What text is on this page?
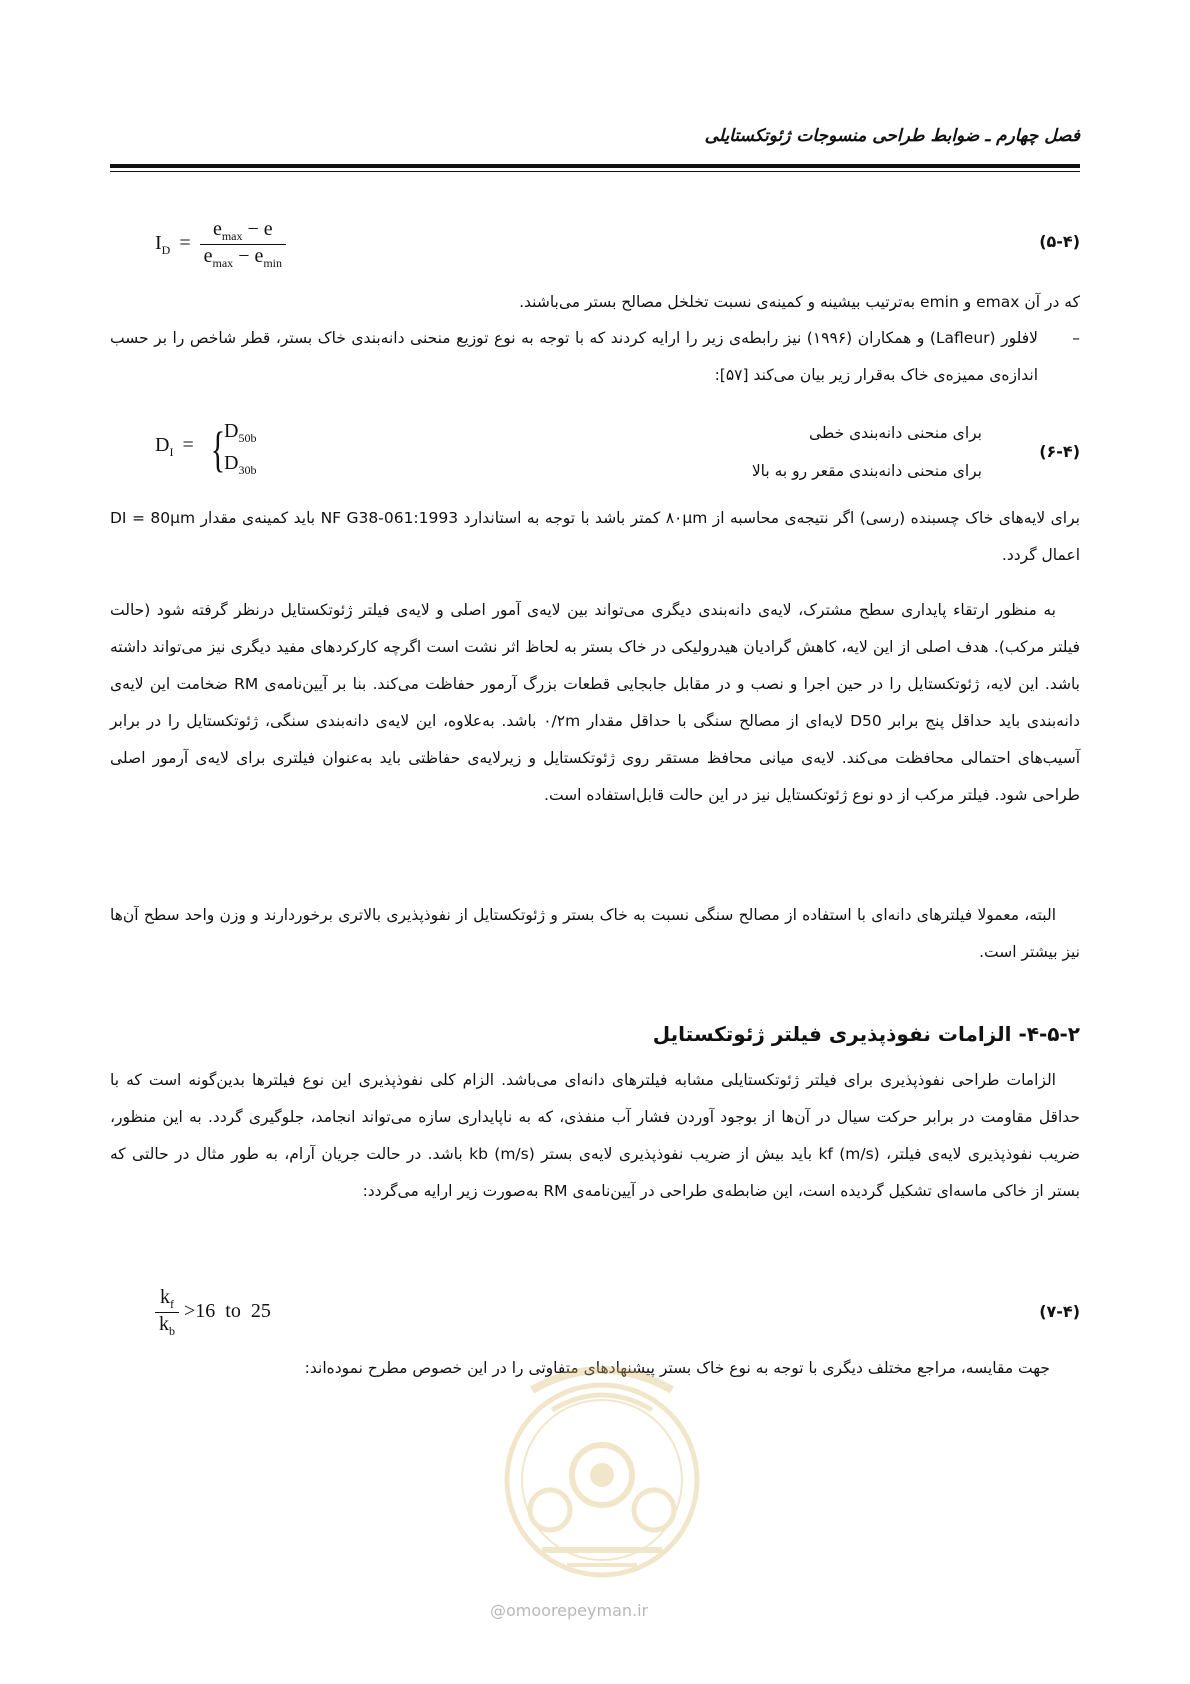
فصل چهارم ـ ضوابط طراحی منسوجات ژئوتکستایلی
$I_D = \frac{e_{max} - e}{e_{max} - e_{min}}$	(۵-۴)
که در آن emax و emin به‌ترتیب بیشینه و کمینه‌ی نسبت تخلخل مصالح بستر می‌باشند.
–
لافلور (Lafleur) و همکاران (۱۹۹۶) نیز رابطه‌ی زیر را ارایه کردند که با توجه به نوع توزیع منحنی دانه‌بندی خاک بستر، قطر شاخص را بر حسب اندازه‌ی ممیزه‌ی خاک به‌قرار زیر بیان می‌کند [۵۷]:
$D_I$ = {
$D_{50b}$
$D_{30b}$
برای منحنی دانه‌بندی خطی
برای منحنی دانه‌بندی مقعر رو به بالا
(۶-۴)
برای لایه‌های خاک چسبنده (رسی) اگر نتیجه‌ی محاسبه از ۸۰µm کمتر باشد با توجه به استاندارد NF G38-061:1993 باید کمینه‌ی مقدار DI = 80µm اعمال گردد.
به منظور ارتقاء پایداری سطح مشترک، لایه‌ی دانه‌بندی دیگری می‌تواند بین لایه‌ی آمور اصلی و لایه‌ی فیلتر ژئوتکستایل درنظر گرفته شود (حالت فیلتر مرکب). هدف اصلی از این لایه، کاهش گرادیان هیدرولیکی در خاک بستر به لحاظ اثر نشت است اگرچه کارکردهای مفید دیگری نیز می‌تواند داشته باشد. این لایه، ژئوتکستایل را در حین اجرا و نصب و در مقابل جابجایی قطعات بزرگ آرمور حفاظت می‌کند. بنا بر آیین‌نامه‌ی RM ضخامت این لایه‌ی دانه‌بندی باید حداقل پنج برابر D50 لایه‌ای از مصالح سنگی با حداقل مقدار ۰/۲m باشد. به‌علاوه، این لایه‌ی دانه‌بندی سنگی، ژئوتکستایل را در برابر آسیب‌های احتمالی محافظت می‌کند. لایه‌ی میانی محافظ مستقر روی ژئوتکستایل و زیرلایه‌ی حفاظتی باید به‌عنوان فیلتری برای لایه‌ی آرمور اصلی طراحی شود. فیلتر مرکب از دو نوع ژئوتکستایل نیز در این حالت قابل‌استفاده است.
البته، معمولا فیلترهای دانه‌ای با استفاده از مصالح سنگی نسبت به خاک بستر و ژئوتکستایل از نفوذپذیری بالاتری برخوردارند و وزن واحد سطح آن‌ها نیز بیشتر است.
۴-۵-۲- الزامات نفوذپذیری فیلتر ژئوتکستایل
الزامات طراحی نفوذپذیری برای فیلتر ژئوتکستایلی مشابه فیلترهای دانه‌ای می‌باشد. الزام کلی نفوذپذیری این نوع فیلترها بدین‌گونه است که با حداقل مقاومت در برابر حرکت سیال در آن‌ها از بوجود آوردن فشار آب منفذی، که به ناپایداری سازه می‌تواند انجامد، جلوگیری گردد. به این منظور، ضریب نفوذپذیری لایه‌ی فیلتر، kf (m/s) باید بیش از ضریب نفوذپذیری لایه‌ی بستر kb (m/s) باشد. در حالت جریان آرام، به طور مثال در حالتی که بستر از خاکی ماسه‌ای تشکیل گردیده است، این ضابطه‌ی طراحی در آیین‌نامه‌ی RM به‌صورت زیر ارایه می‌گردد:
$\frac{k_f}{k_b} >16$  to  25	(۷-۴)
جهت مقایسه، مراجع مختلف دیگری با توجه به نوع خاک بستر پیشنهادهای متفاوتی را در این خصوص مطرح نموده‌اند:
@omoorepeyman.ir
